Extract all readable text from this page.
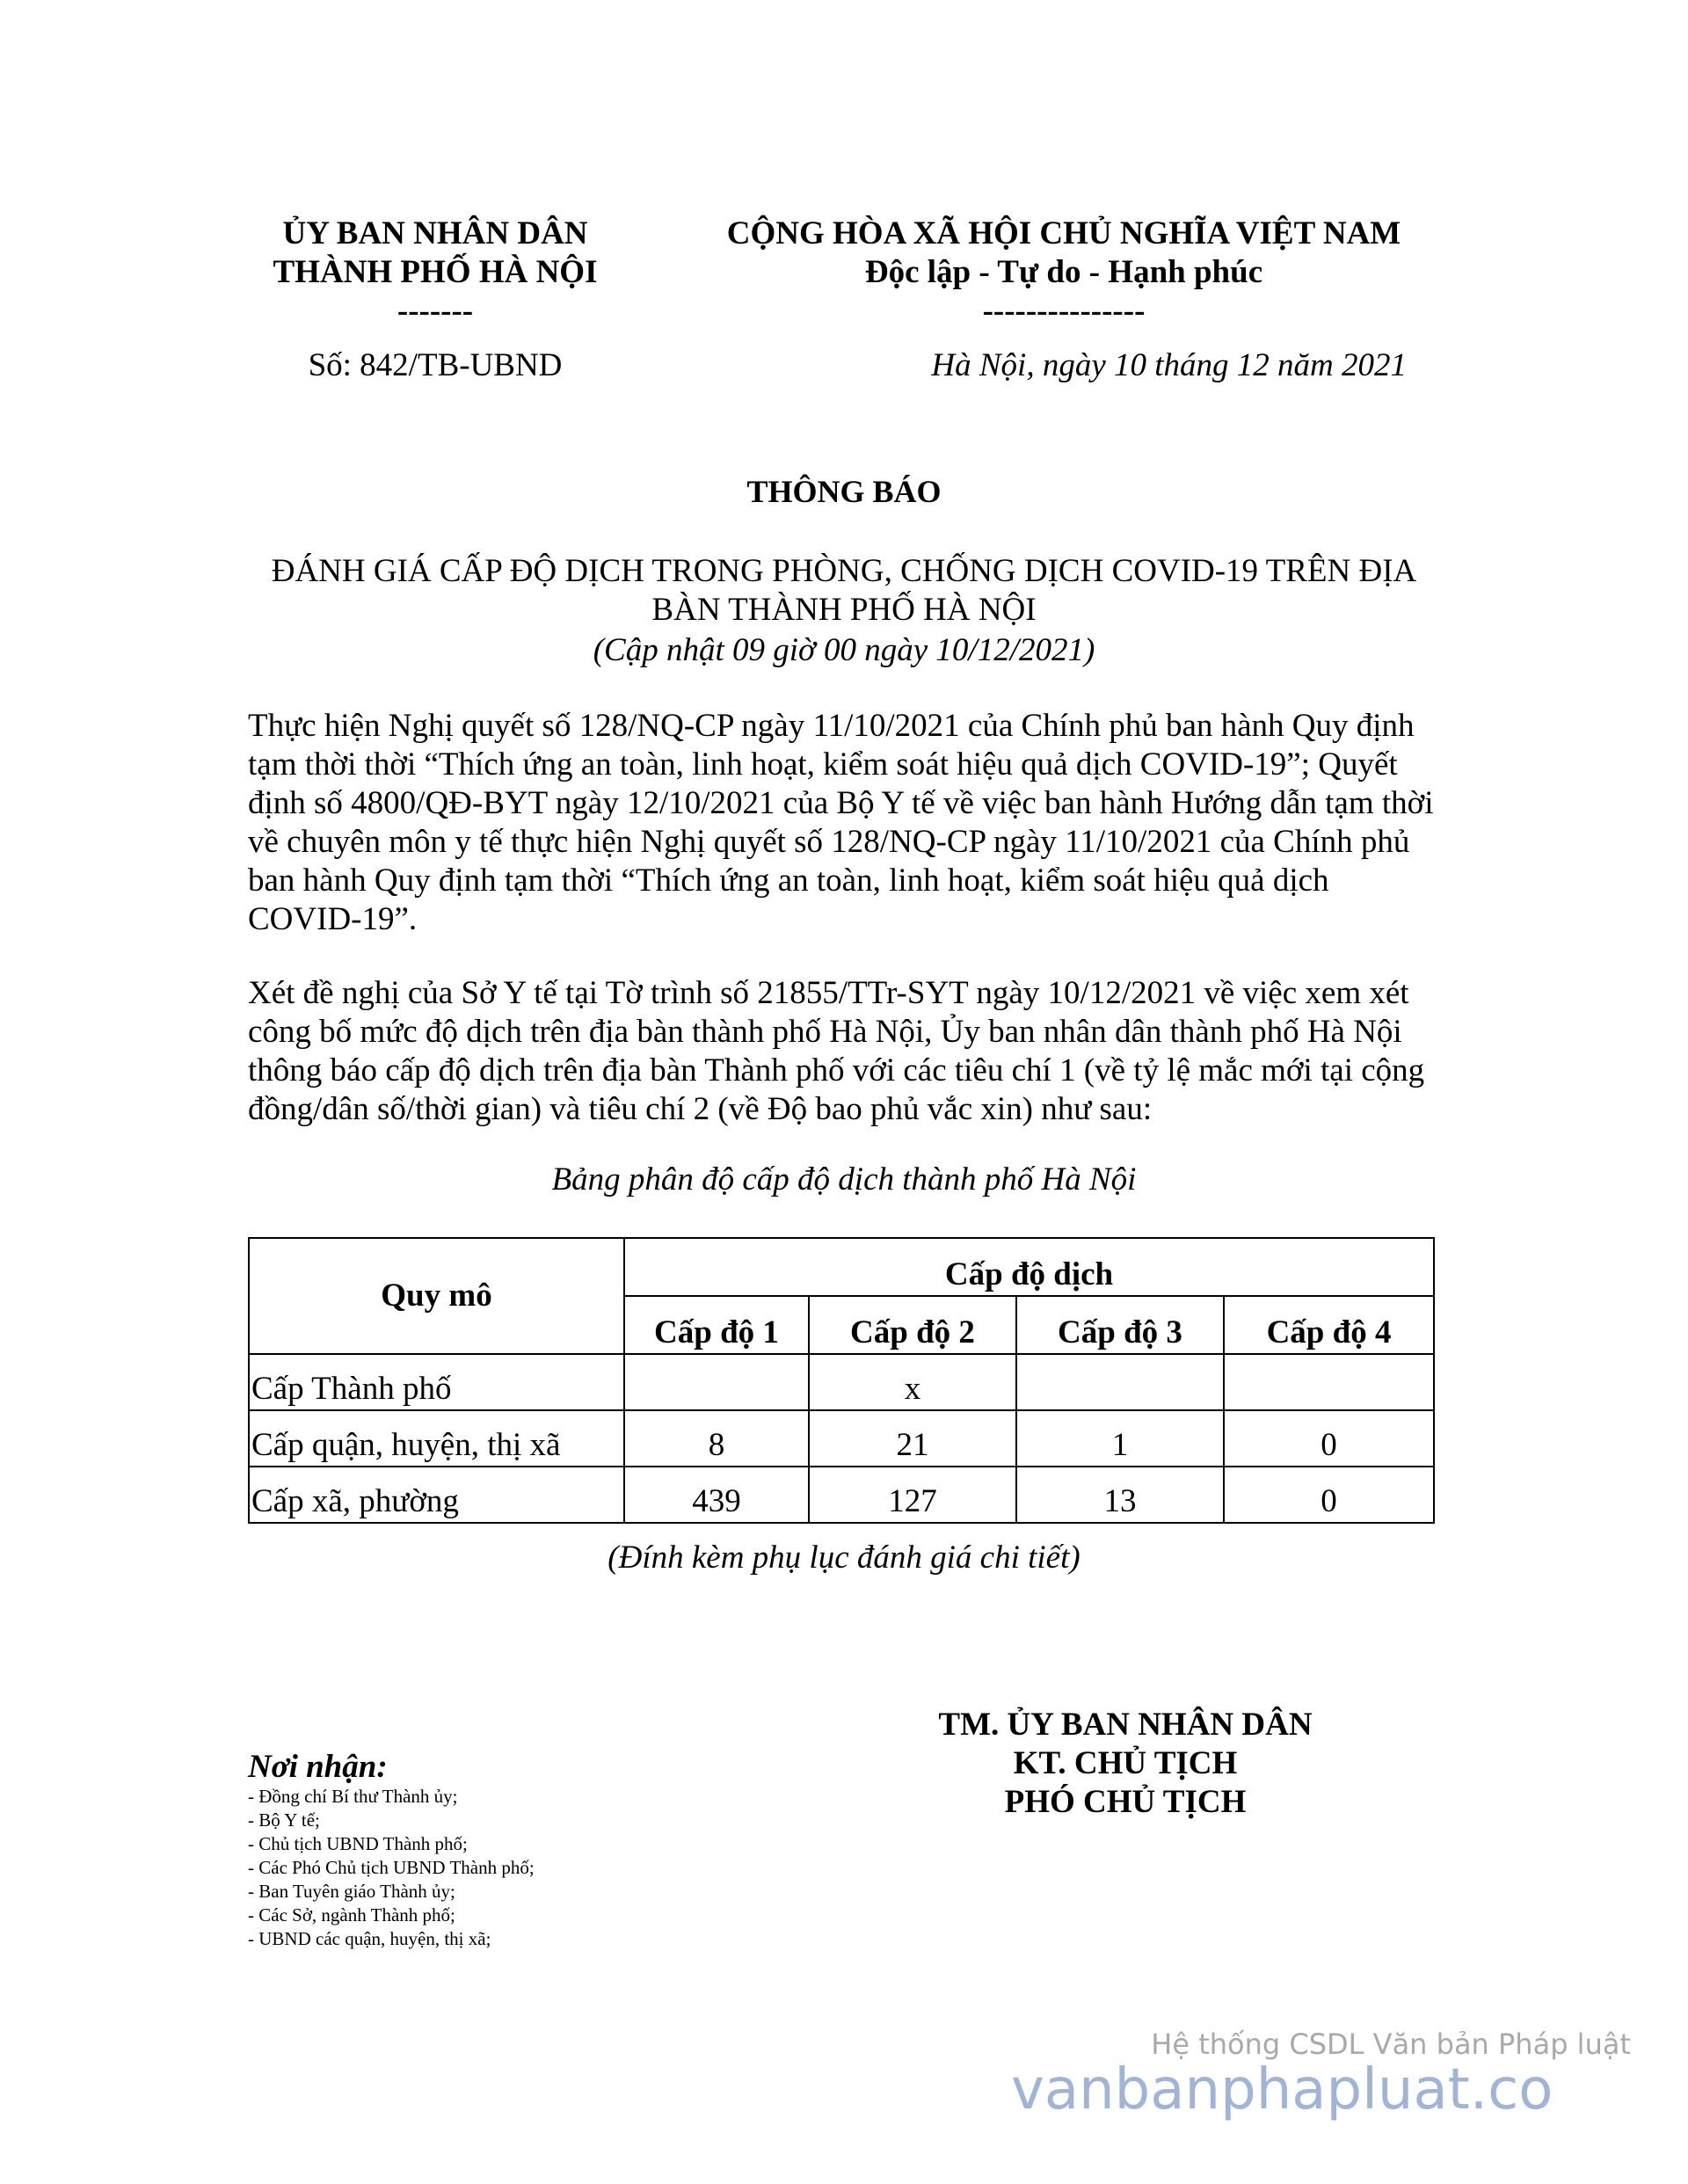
ỦY BAN NHÂN DÂN
THÀNH PHỐ HÀ NỘI
-------
CỘNG HÒA XÃ HỘI CHỦ NGHĨA VIỆT NAM
Độc lập - Tự do - Hạnh phúc
---------------
Số: 842/TB-UBND	Hà Nội, ngày 10 tháng 12 năm 2021
THÔNG BÁO
ĐÁNH GIÁ CẤP ĐỘ DỊCH TRONG PHÒNG, CHỐNG DỊCH COVID-19 TRÊN ĐỊA
BÀN THÀNH PHỐ HÀ NỘI
(Cập nhật 09 giờ 00 ngày 10/12/2021)

Thực hiện Nghị quyết số 128/NQ-CP ngày 11/10/2021 của Chính phủ ban hành Quy định tạm thời thời “Thích ứng an toàn, linh hoạt, kiểm soát hiệu quả dịch COVID-19”; Quyết định số 4800/QĐ-BYT ngày 12/10/2021 của Bộ Y tế về việc ban hành Hướng dẫn tạm thời về chuyên môn y tế thực hiện Nghị quyết số 128/NQ-CP ngày 11/10/2021 của Chính phủ ban hành Quy định tạm thời “Thích ứng an toàn, linh hoạt, kiểm soát hiệu quả dịch COVID-19”.

Xét đề nghị của Sở Y tế tại Tờ trình số 21855/TTr-SYT ngày 10/12/2021 về việc xem xét công bố mức độ dịch trên địa bàn thành phố Hà Nội, Ủy ban nhân dân thành phố Hà Nội thông báo cấp độ dịch trên địa bàn Thành phố với các tiêu chí 1 (về tỷ lệ mắc mới tại cộng đồng/dân số/thời gian) và tiêu chí 2 (về Độ bao phủ vắc xin) như sau:

Bảng phân độ cấp độ dịch thành phố Hà Nội
Quy mô	Cấp độ dịch			
	Cấp độ 1	Cấp độ 2	Cấp độ 3	Cấp độ 4
Cấp Thành phố		x		
Cấp quận, huyện, thị xã	8	21	1	0
Cấp xã, phường	439	127	13	0
(Đính kèm phụ lục đánh giá chi tiết)
TM. ỦY BAN NHÂN DÂN
KT. CHỦ TỊCH
PHÓ CHỦ TỊCH
Nơi nhận:
- Đồng chí Bí thư Thành ủy;
- Bộ Y tế;
- Chủ tịch UBND Thành phố;
- Các Phó Chủ tịch UBND Thành phố;
- Ban Tuyên giáo Thành ủy;
- Các Sở, ngành Thành phố;
- UBND các quận, huyện, thị xã;
Hệ thống CSDL Văn bản Pháp luật
vanbanphapluat.co
